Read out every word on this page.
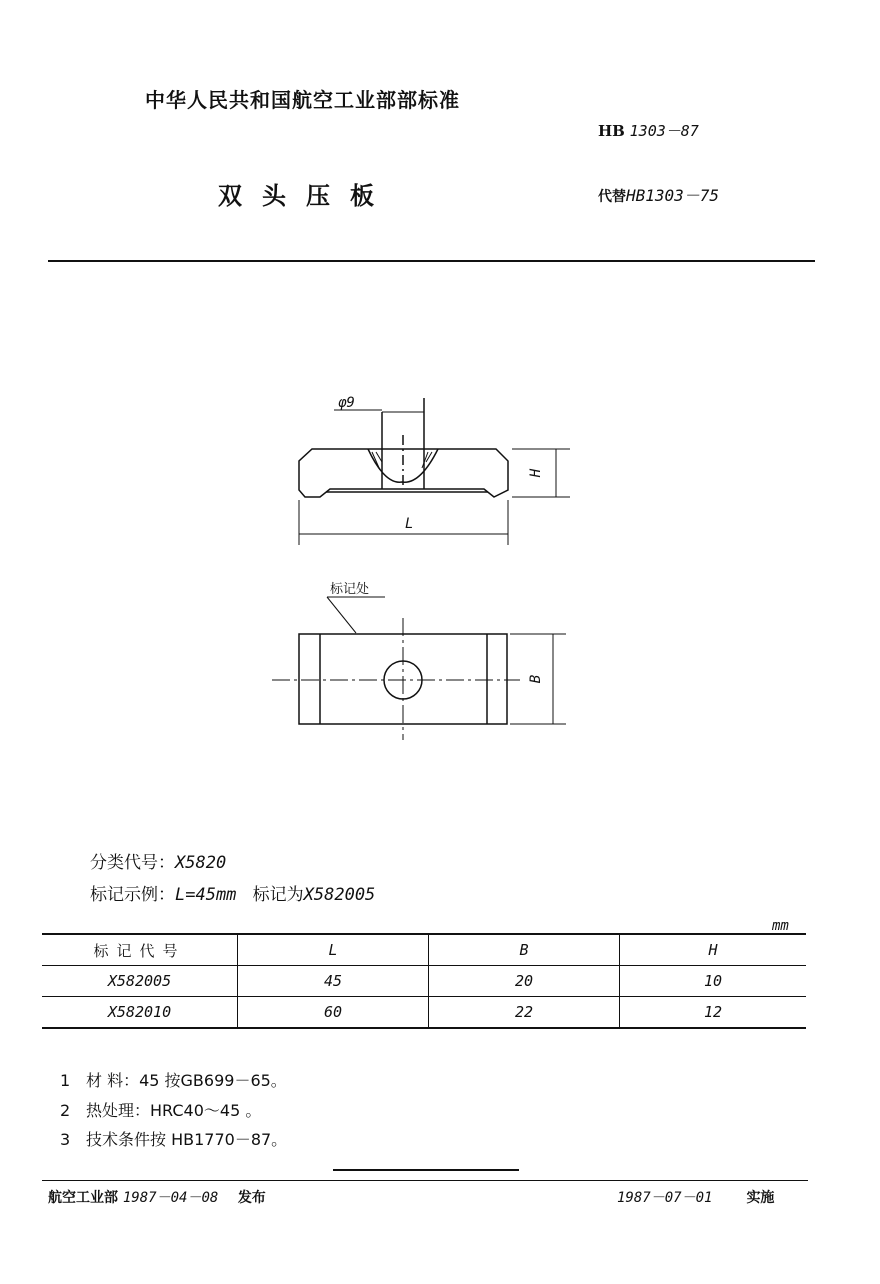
中华人民共和国航空工业部部标准
HB 1303－87
双头压板	代替HB1303－75
φ9
L
H
B
标记处
分类代号：X5820
标记示例：L=45mm 标记为X582005
mm
标记代号	L	B	H
X582005	45	20	10
X582010	60	22	12
1 材 料：45 按GB699－65。
2 热处理：HRC40～45 。
3 技术条件按 HB1770－87。
航空工业部 1987－04－08 发布	1987－07－01 实施
